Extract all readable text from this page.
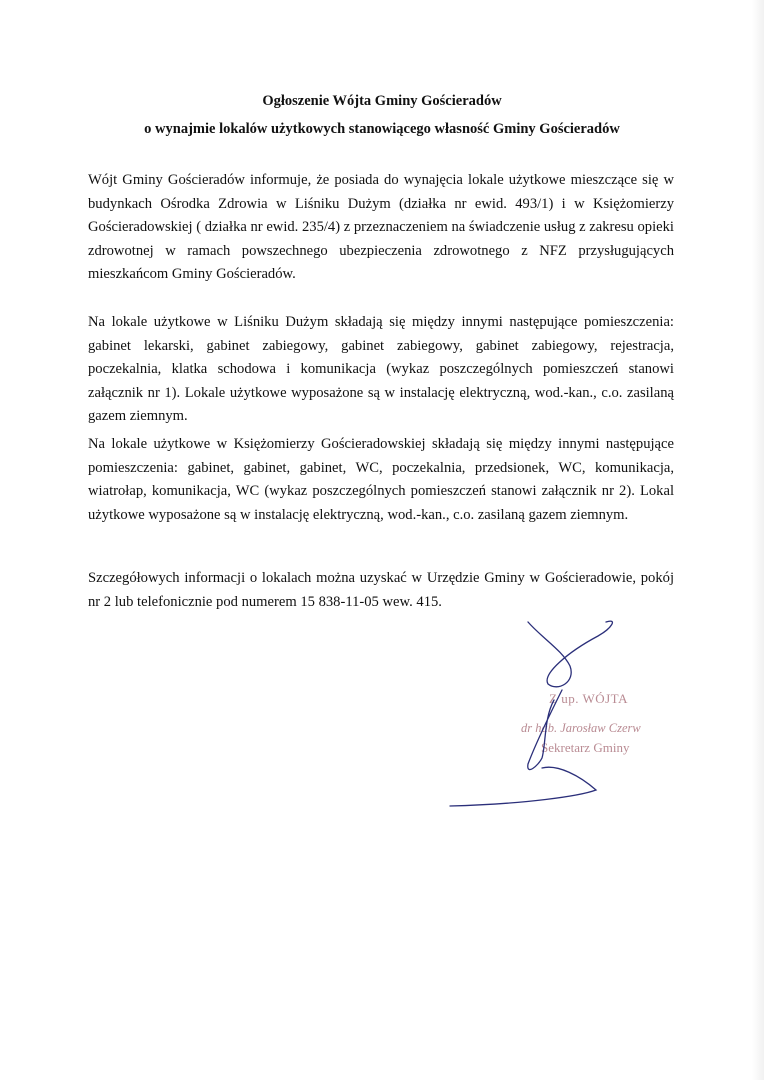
Ogłoszenie Wójta Gminy Gościeradów
o wynajmie lokalów użytkowych stanowiącego własność Gminy Gościeradów
Wójt Gminy Gościeradów informuje, że posiada do wynajęcia lokale użytkowe mieszczące się w budynkach Ośrodka Zdrowia w Liśniku Dużym (działka nr ewid. 493/1) i w Księżomierzy Gościeradowskiej ( działka nr ewid. 235/4) z przeznaczeniem na świadczenie usług z zakresu opieki zdrowotnej w ramach powszechnego ubezpieczenia zdrowotnego z NFZ przysługujących mieszkańcom Gminy Gościeradów.
Na lokale użytkowe w Liśniku Dużym składają się między innymi następujące pomieszczenia: gabinet lekarski, gabinet zabiegowy, gabinet zabiegowy, gabinet zabiegowy, rejestracja, poczekalnia, klatka schodowa i komunikacja (wykaz poszczególnych pomieszczeń stanowi załącznik nr 1). Lokale użytkowe wyposażone są w instalację elektryczną, wod.-kan., c.o. zasilaną gazem ziemnym.
Na lokale użytkowe w Księżomierzy Gościeradowskiej składają się między innymi następujące pomieszczenia: gabinet, gabinet, gabinet, WC, poczekalnia, przedsionek, WC, komunikacja, wiatrołap, komunikacja, WC (wykaz poszczególnych pomieszczeń stanowi załącznik nr 2). Lokal użytkowe wyposażone są w instalację elektryczną, wod.-kan., c.o. zasilaną gazem ziemnym.
Szczegółowych informacji o lokalach można uzyskać w Urzędzie Gminy w Gościeradowie, pokój nr 2 lub telefonicznie pod numerem 15 838-11-05 wew. 415.
Z up. WÓJTA
dr hab. Jarosław Czerw
Sekretarz Gminy
